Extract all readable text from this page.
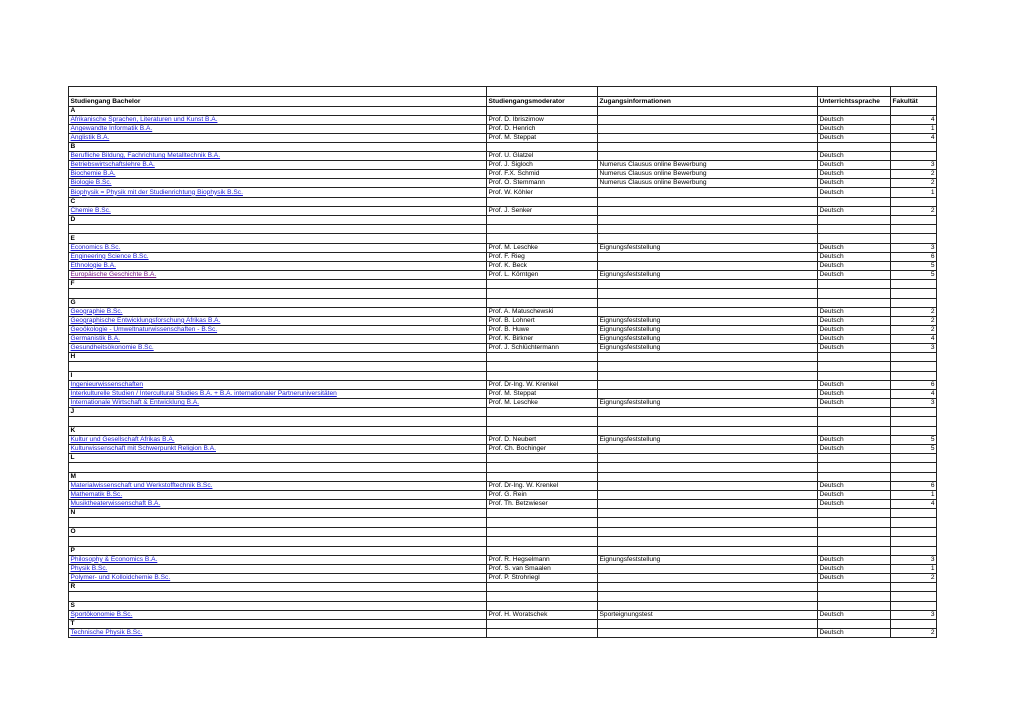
Studiengang Bachelor	Studiengangsmoderator	Zugangsinformationen	Unterrichtssprache	Fakultät
A				
Afrikanische Sprachen, Literaturen und Kunst B.A.	Prof. D. Ibriszimow		Deutsch	4
Angewandte Informatik B.A.	Prof. D. Henrich		Deutsch	1
Anglistik B.A.	Prof. M. Steppat		Deutsch	4
B				
Berufliche Bildung, Fachrichtung Metalltechnik B.A.	Prof. U. Glatzel		Deutsch	
Betriebswirtschaftslehre B.A.	Prof. J. Sigloch	Numerus Clausus online Bewerbung	Deutsch	3
Biochemie B.A.	Prof. F.X. Schmid	Numerus Clausus online Bewerbung	Deutsch	2
Biologie B.Sc.	Prof. O. Stemmann	Numerus Clausus online Bewerbung	Deutsch	2
Biophysik = Physik mit der Studienrichtung Biophysik B.Sc.	Prof. W. Köhler		Deutsch	1
C				
Chemie B.Sc.	Prof. J. Senker		Deutsch	2
D				

E				
Economics B.Sc.	Prof. M. Leschke	Eignungsfeststellung	Deutsch	3
Engineering Science B.Sc.	Prof. F. Rieg		Deutsch	6
Ethnologie B.A.	Prof. K. Beck		Deutsch	5
Europäische Geschichte B.A.	Prof. L. Körntgen	Eignungsfeststellung	Deutsch	5
F				

G				
Geographie B.Sc.	Prof. A. Matuschewski		Deutsch	2
Geographische Entwicklungsforschung Afrikas B.A.	Prof. B. Lohnert	Eignungsfeststellung	Deutsch	2
Geoökologie - Umweltnaturwissenschaften - B.Sc.	Prof. B. Huwe	Eignungsfeststellung	Deutsch	2
Germanistik B.A.	Prof. K. Birkner	Eignungsfeststellung	Deutsch	4
Gesundheitsökonomie B.Sc.	Prof. J. Schlüchtermann	Eignungsfeststellung	Deutsch	3
H				

I				
Ingenieurwissenschaften	Prof. Dr-Ing. W. Krenkel		Deutsch	6
Interkulturelle Studien / Intercultural Studies B.A. + B.A. internationaler Partneruniversitäten	Prof. M. Steppat		Deutsch	4
Internationale Wirtschaft & Entwicklung B.A.	Prof. M. Leschke	Eignungsfeststellung	Deutsch	3
J				

K				
Kultur und Gesellschaft Afrikas B.A.	Prof. D. Neubert	Eignungsfeststellung	Deutsch	5
Kulturwissenschaft mit Schwerpunkt Religion B.A.	Prof. Ch. Bochinger		Deutsch	5
L				

M				
Materialwissenschaft und Werkstofftechnik B.Sc.	Prof. Dr-Ing. W. Krenkel		Deutsch	6
Mathematik B.Sc.	Prof. G. Rein		Deutsch	1
Musiktheaterwissenschaft B.A.	Prof. Th. Betzwieser		Deutsch	4
N				

O				

P				
Philosophy & Economics B.A.	Prof. R. Hegselmann	Eignungsfeststellung	Deutsch	3
Physik B.Sc.	Prof. S. van Smaalen		Deutsch	1
Polymer- und Kolloidchemie B.Sc.	Prof. P. Strohriegl		Deutsch	2
R				

S				
Sportökonomie B.Sc.	Prof. H. Woratschek	Sporteignungstest	Deutsch	3
T				
Technische Physik B.Sc.			Deutsch	2
